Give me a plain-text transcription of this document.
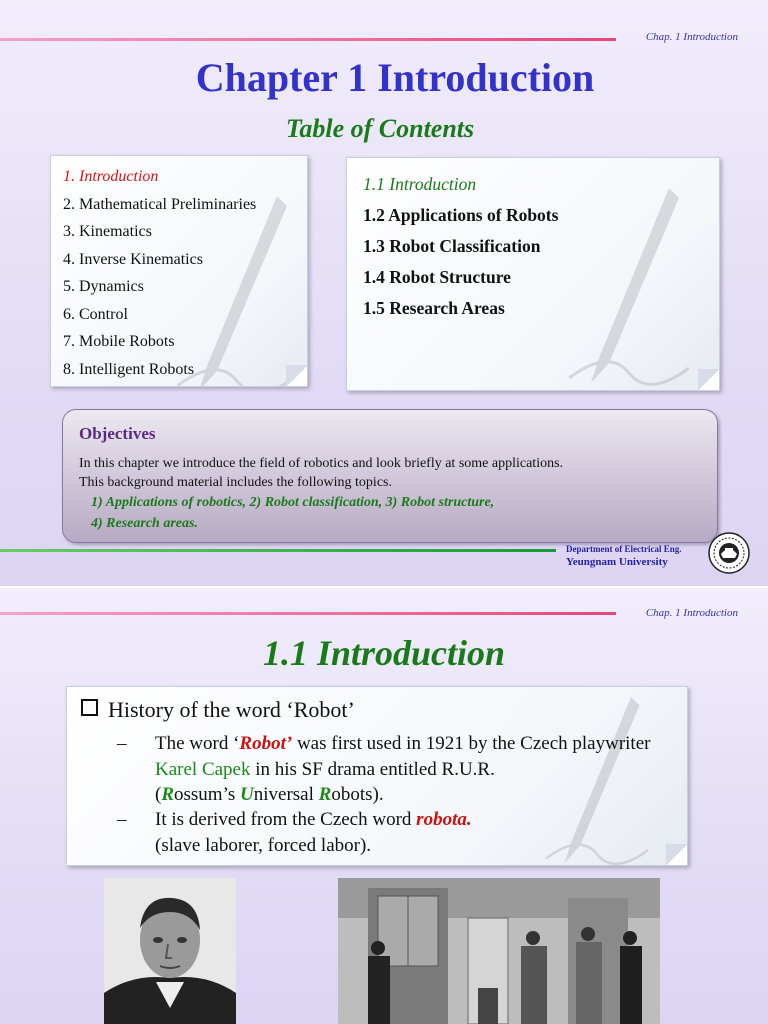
Chap. 1 Introduction
Chapter 1 Introduction
Table of Contents
1. Introduction
2. Mathematical Preliminaries
3. Kinematics
4. Inverse Kinematics
5. Dynamics
6. Control
7. Mobile Robots
8. Intelligent Robots
1.1 Introduction
1.2 Applications of Robots
1.3 Robot Classification
1.4 Robot Structure
1.5 Research Areas
Objectives
In this chapter we introduce the field of robotics and look briefly at some applications.
This background material includes the following topics.
1) Applications of robotics, 2) Robot classification, 3) Robot structure,
4) Research areas.
Department of Electrical Eng.
Yeungnam University
Chap. 1 Introduction
1.1 Introduction
History of the word ‘Robot’
– The word ‘Robot’ was first used in 1921 by the Czech playwriter Karel Capek in his SF drama entitled R.U.R.
(Rossum’s Universal Robots).
– It is derived from the Czech word robota.
(slave laborer, forced labor).
